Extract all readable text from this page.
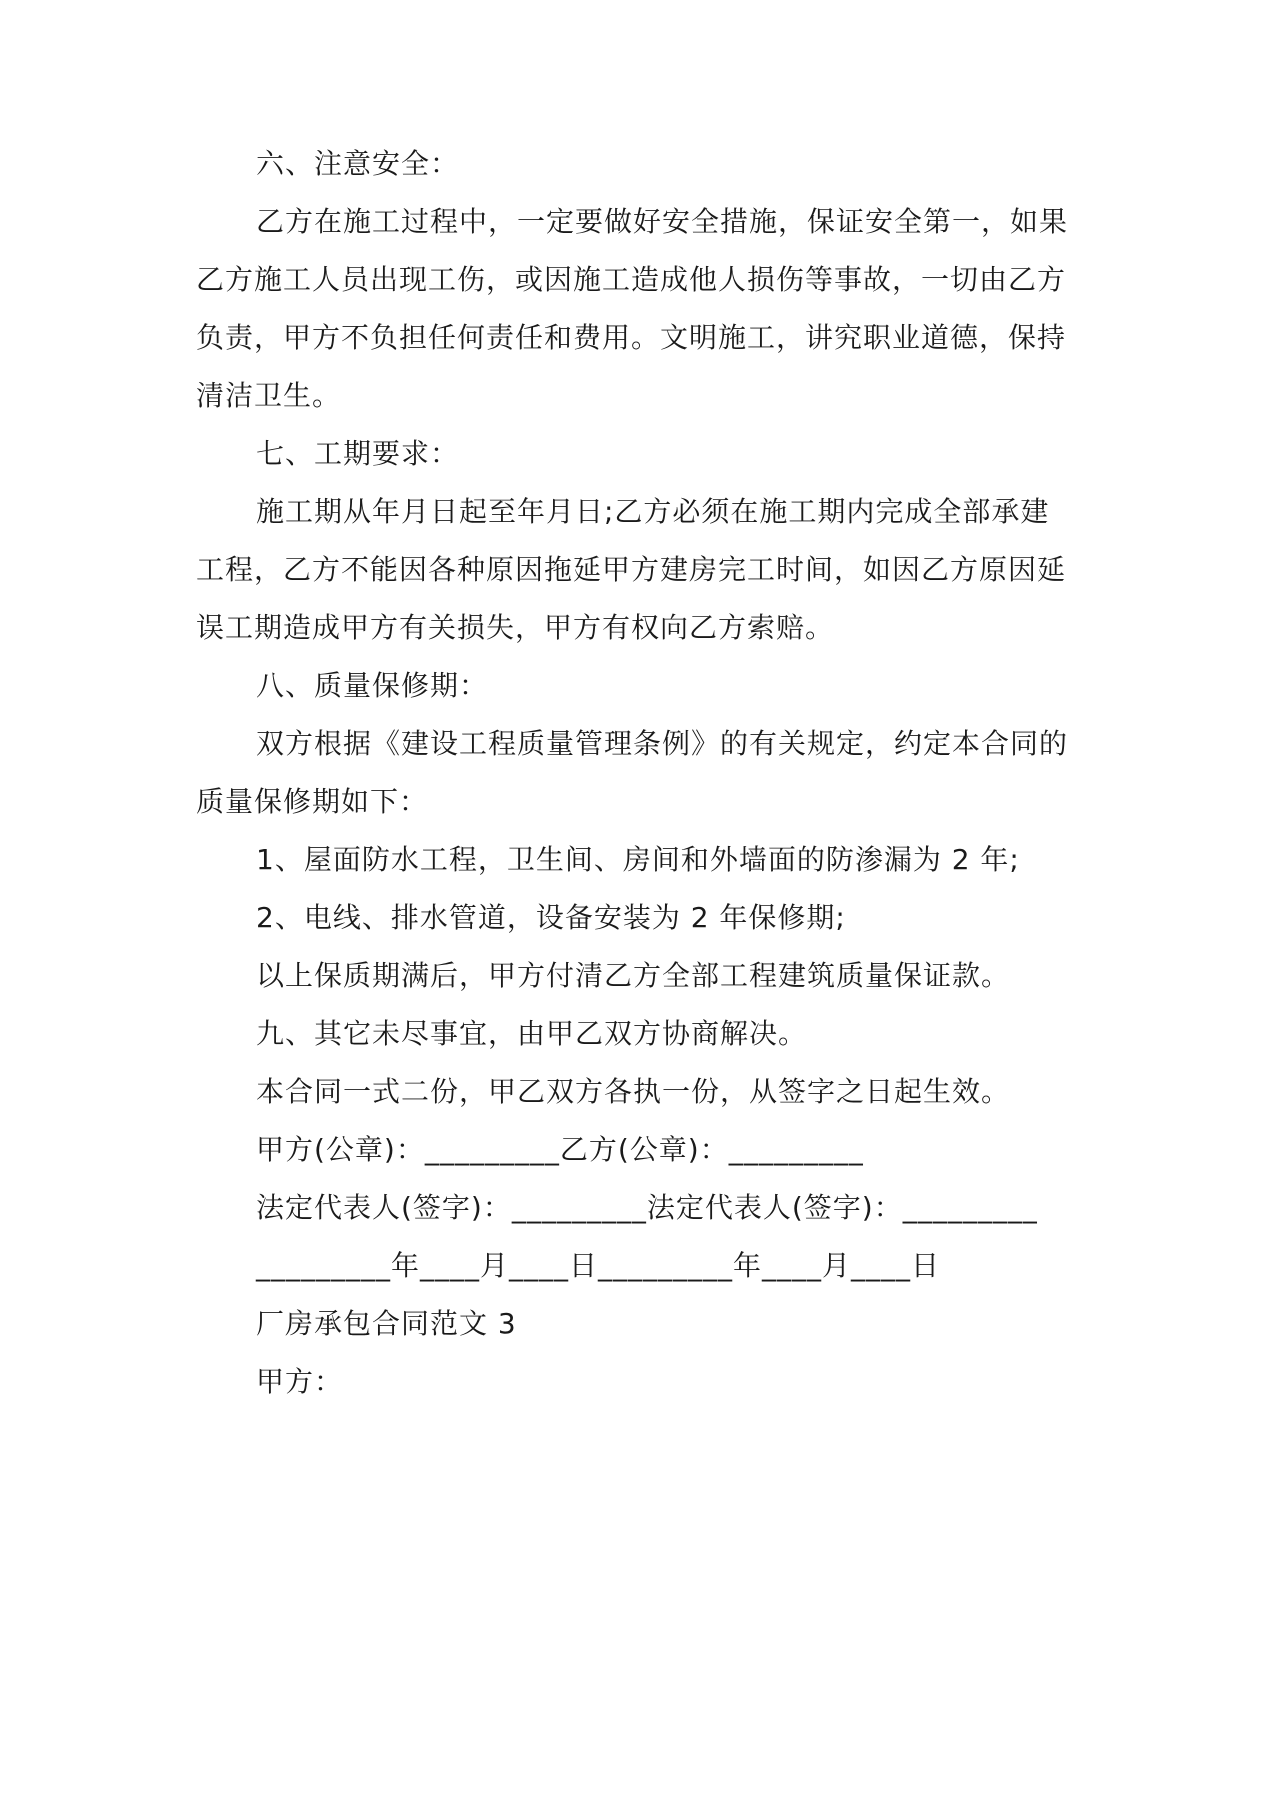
六、注意安全：
乙方在施工过程中，一定要做好安全措施，保证安全第一，如果
乙方施工人员出现工伤，或因施工造成他人损伤等事故，一切由乙方
负责，甲方不负担任何责任和费用。文明施工，讲究职业道德，保持
清洁卫生。
七、工期要求：
施工期从年月日起至年月日;乙方必须在施工期内完成全部承建
工程，乙方不能因各种原因拖延甲方建房完工时间，如因乙方原因延
误工期造成甲方有关损失，甲方有权向乙方索赔。
八、质量保修期：
双方根据《建设工程质量管理条例》的有关规定，约定本合同的
质量保修期如下：
1、屋面防水工程，卫生间、房间和外墙面的防渗漏为 2 年;
2、电线、排水管道，设备安装为 2 年保修期;
以上保质期满后，甲方付清乙方全部工程建筑质量保证款。
九、其它未尽事宜，由甲乙双方协商解决。
本合同一式二份，甲乙双方各执一份，从签字之日起生效。
甲方(公章)：_________乙方(公章)：_________
法定代表人(签字)：_________法定代表人(签字)：_________
_________年____月____日_________年____月____日
厂房承包合同范文 3
甲方：
